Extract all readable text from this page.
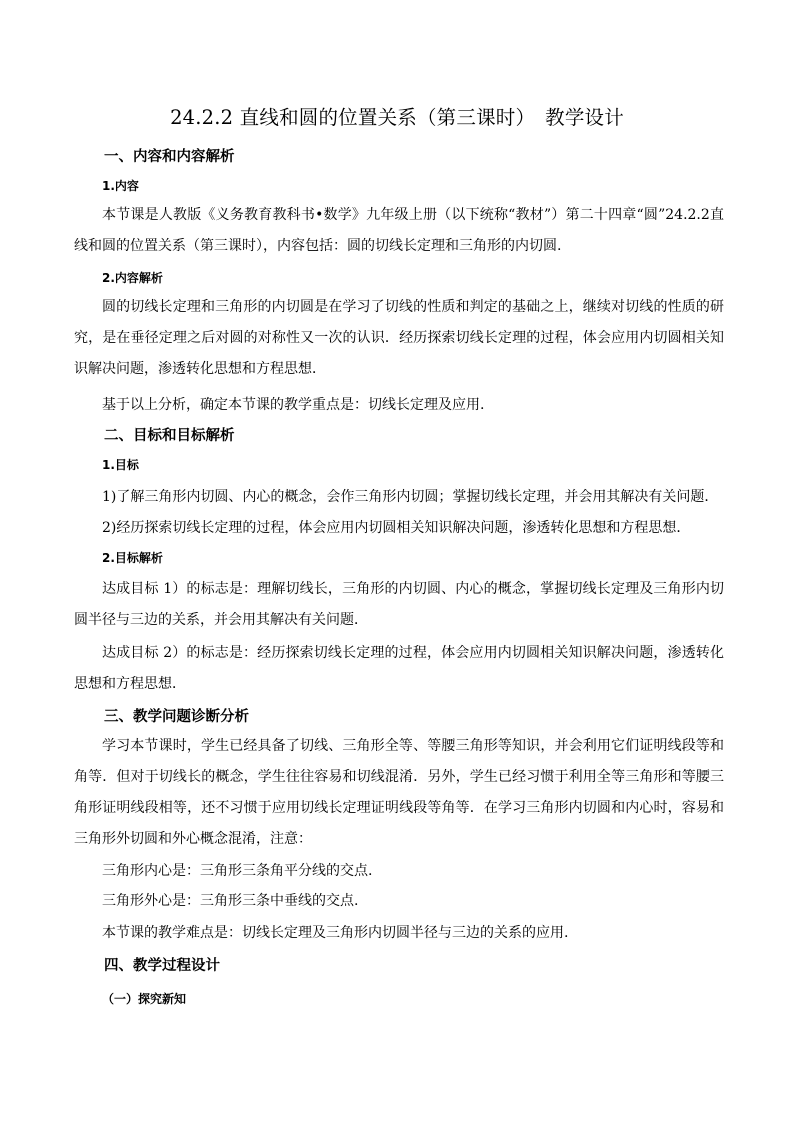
24.2.2 直线和圆的位置关系（第三课时）　教学设计
一、内容和内容解析
1.内容
本节课是人教版《义务教育教科书•数学》九年级上册（以下统称“教材”）第二十四章“圆”24.2.2直线和圆的位置关系（第三课时），内容包括：圆的切线长定理和三角形的内切圆.
2.内容解析
圆的切线长定理和三角形的内切圆是在学习了切线的性质和判定的基础之上，继续对切线的性质的研究，是在垂径定理之后对圆的对称性又一次的认识．经历探索切线长定理的过程，体会应用内切圆相关知识解决问题，渗透转化思想和方程思想．
基于以上分析，确定本节课的教学重点是：切线长定理及应用.
二、目标和目标解析
1.目标
1)了解三角形内切圆、内心的概念，会作三角形内切圆；掌握切线长定理，并会用其解决有关问题．
2)经历探索切线长定理的过程，体会应用内切圆相关知识解决问题，渗透转化思想和方程思想．
2.目标解析
达成目标 1）的标志是：理解切线长，三角形的内切圆、内心的概念，掌握切线长定理及三角形内切圆半径与三边的关系，并会用其解决有关问题．
达成目标 2）的标志是：经历探索切线长定理的过程，体会应用内切圆相关知识解决问题，渗透转化思想和方程思想．
三、教学问题诊断分析
学习本节课时，学生已经具备了切线、三角形全等、等腰三角形等知识，并会利用它们证明线段等和角等．但对于切线长的概念，学生往往容易和切线混淆．另外，学生已经习惯于利用全等三角形和等腰三角形证明线段相等，还不习惯于应用切线长定理证明线段等角等．在学习三角形内切圆和内心时，容易和三角形外切圆和外心概念混淆，注意：
三角形内心是：三角形三条角平分线的交点.
三角形外心是：三角形三条中垂线的交点.
本节课的教学难点是：切线长定理及三角形内切圆半径与三边的关系的应用.
四、教学过程设计
（一）探究新知
